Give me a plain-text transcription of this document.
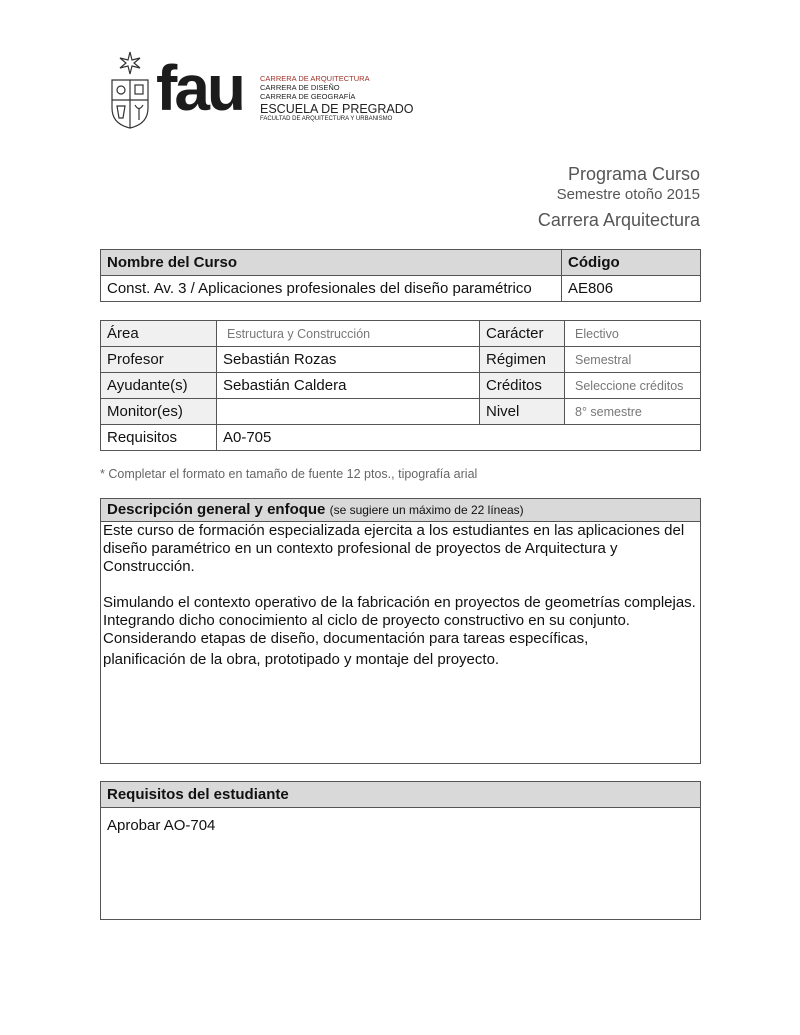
fau CARRERA DE ARQUITECTURA
CARRERA DE DISEÑO
CARRERA DE GEOGRAFÍA
ESCUELA DE PREGRADO
FACULTAD DE ARQUITECTURA Y URBANISMO
Programa Curso
Semestre otoño 2015
Carrera Arquitectura
Nombre del Curso	Código
Const. Av. 3 / Aplicaciones profesionales del diseño paramétrico	AE806
Área	Estructura y Construcción	Carácter	Electivo
Profesor	Sebastián Rozas	Régimen	Semestral
Ayudante(s)	Sebastián Caldera	Créditos	Seleccione créditos
Monitor(es)		Nivel	8° semestre
Requisitos	A0-705		
* Completar el formato en tamaño de fuente 12 ptos., tipografía arial
Descripción general y enfoque (se sugiere un máximo de 22 líneas)

Este curso de formación especializada ejercita a los estudiantes en las aplicaciones del diseño paramétrico en un contexto profesional de proyectos de Arquitectura y Construcción.

Simulando el contexto operativo de la fabricación en proyectos de geometrías complejas. Integrando dicho conocimiento al ciclo de proyecto constructivo en su conjunto. Considerando etapas de diseño, documentación para tareas específicas,

planificación de la obra, prototipado y montaje del proyecto.

Requisitos del estudiante
Aprobar AO-704
